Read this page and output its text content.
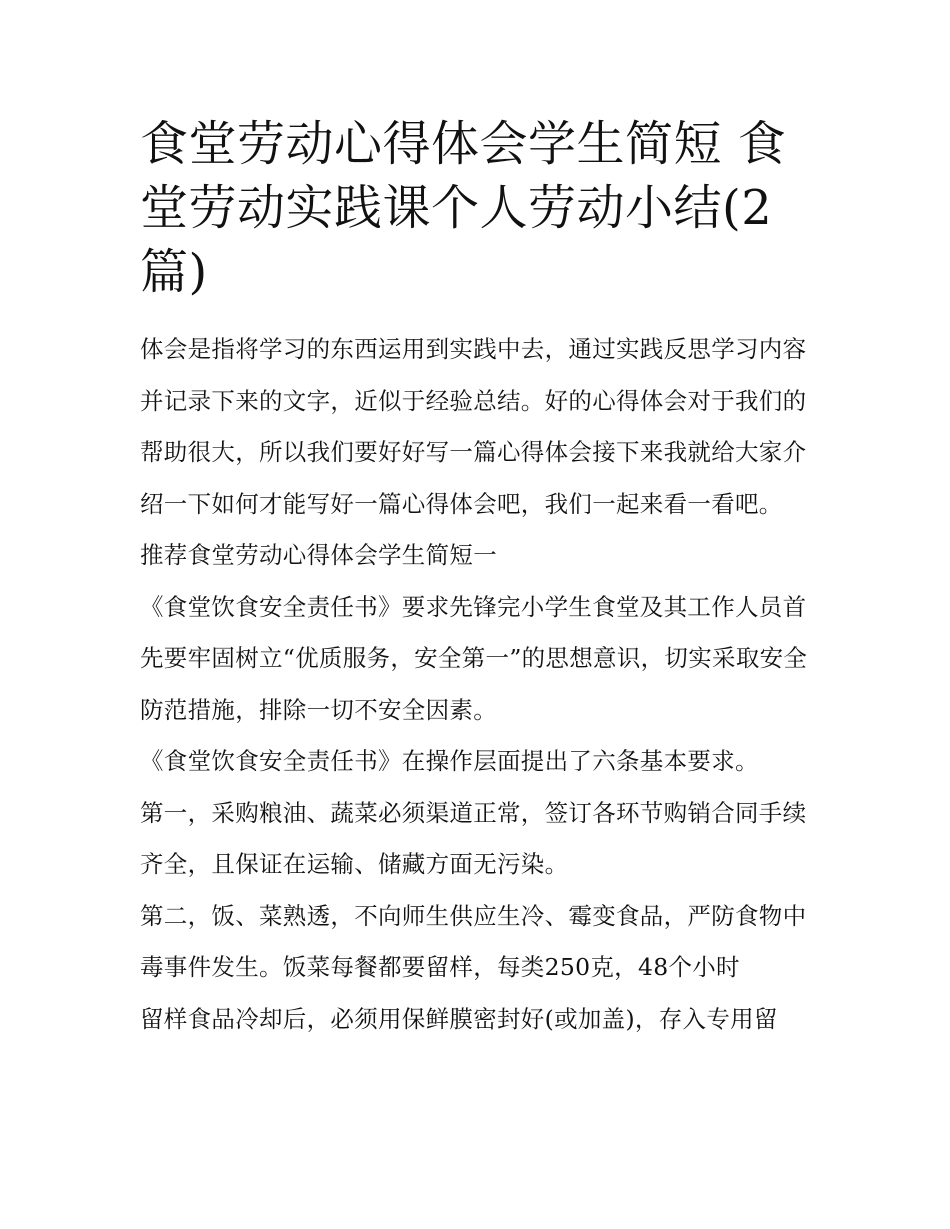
食堂劳动心得体会学生简短 食堂劳动实践课个人劳动小结(2篇)

体会是指将学习的东西运用到实践中去，通过实践反思学习内容并记录下来的文字，近似于经验总结。好的心得体会对于我们的帮助很大，所以我们要好好写一篇心得体会接下来我就给大家介绍一下如何才能写好一篇心得体会吧，我们一起来看一看吧。

推荐食堂劳动心得体会学生简短一

《食堂饮食安全责任书》要求先锋完小学生食堂及其工作人员首先要牢固树立“优质服务，安全第一”的思想意识，切实采取安全防范措施，排除一切不安全因素。

《食堂饮食安全责任书》在操作层面提出了六条基本要求。

第一，采购粮油、蔬菜必须渠道正常，签订各环节购销合同手续齐全，且保证在运输、储藏方面无污染。

第二，饭、菜熟透，不向师生供应生冷、霉变食品，严防食物中毒事件发生。饭菜每餐都要留样，每类250克，48个小时

留样食品冷却后，必须用保鲜膜密封好(或加盖)，存入专用留
